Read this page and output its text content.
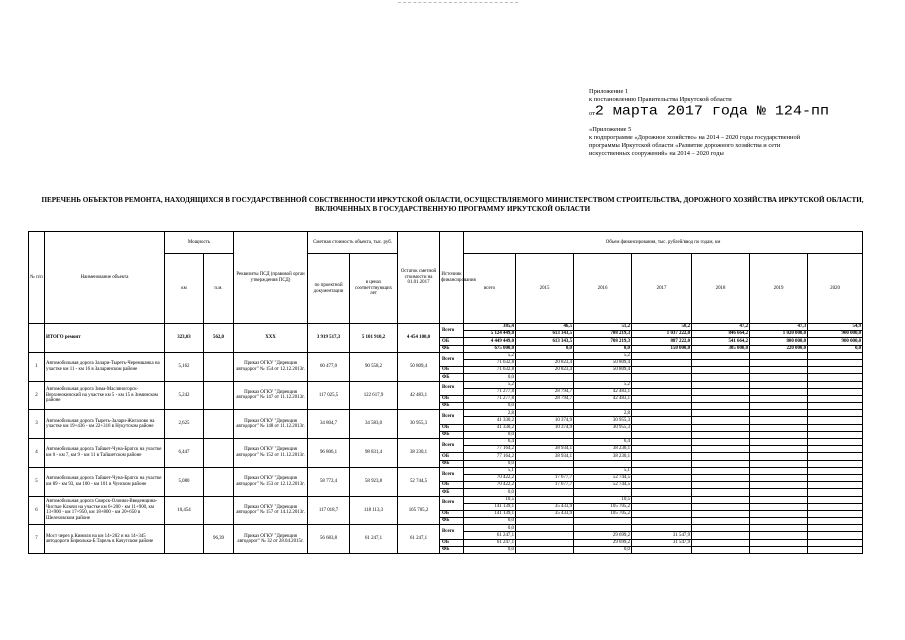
Приложение 1

к постановлению Правительства Иркутской области

от2 марта 2017 года № 124-пп

«Приложение 5

к подпрограмме «Дорожное хозяйство» на 2014 – 2020 годы государственной

программы Иркутской области «Развитие дорожного хозяйства и сети

искусственных сооружений» на 2014 – 2020 годы

ПЕРЕЧЕНЬ ОБЪЕКТОВ РЕМОНТА, НАХОДЯЩИХСЯ В ГОСУДАРСТВЕННОЙ СОБСТВЕННОСТИ ИРКУТСКОЙ ОБЛАСТИ, ОСУЩЕСТВЛЯЕМОГО МИНИСТЕРСТВОМ СТРОИТЕЛЬСТВА, ДОРОЖНОГО ХОЗЯЙСТВА ИРКУТСКОЙ ОБЛАСТИ, ВКЛЮЧЕННЫХ В ГОСУДАРСТВЕННУЮ ПРОГРАММУ ИРКУТСКОЙ ОБЛАСТИ
№ п/п	Наименование объекта	Мощность		Реквизиты ПСД (правовой орган утверждения ПСД)	Сметная стоимость объекта, тыс. руб.		Остаток сметной стоимости на 01.01.2017	Источник финансирования	Объем финансирования, тыс. рублей/ввод по годам, км						
		км	п.м.		по проектной документации	в ценах соответствующих лет			всего	2015	2016	2017	2018	2019	2020
	ИТОГО ремонт	323,03	562,0	ХХХ	3 919 517,3	5 101 910,2	4 454 100,0	Всего	385,4	46,5	51,2	58,2	47,2	47,3	54,9
									5 124 449,0	613 343,5	708 219,3	1 037 222,0	846 664,2	1 020 000,0	900 000,0
								ОБ	4 449 449,0	613 343,5	708 219,3	887 222,0	541 664,2	800 000,0	900 000,0
								ФБ	675 000,0	0,0	0,0	150 000,0	305 000,0	220 000,0	0,0
1	Автомобильная дорога Залари-Тыреть-Черемшанка на участке км 11 - км 16 в Заларинском районе	5,162		Приказ ОГКУ "Дирекция автодорог" № 154 от 12.12.2013г.	60 477,0	90 558,2	50 809,4	Всего	5,2		5,2				
									71 632,8	20 823,4	50 809,4				
								ОБ	71 632,8	20 823,4	50 809,4				
								ФБ	0,0						
2	Автомобильная дорога Зима-Масляногорск-Верхнеокинский на участке км 5 - км 15 в Зиминском районе	5,242		Приказ ОГКУ "Дирекция автодорог" № 147 от 11.12.2013г.	117 025,5	122 617,9	42 483,1	Всего	5,2		5,2				
									71 277,8	28 794,7	42 483,1				
								ОБ	71 277,8	28 794,7	42 483,1				
								ФБ	0,0						
3	Автомобильная дорога Тыреть-Залари-Жигалово на участке км 19+436 - км 22+316 в Нукутском районе	2,625		Приказ ОГКУ "Дирекция автодорог" № 148 от 11.12.2013г.	34 804,7	34 583,0	30 955,3	Всего	2,8		2,8				
									41 330,2	10 374,9	30 955,3				
								ОБ	41 330,2	10 374,9	30 955,3				
								ФБ	0,0						
4	Автомобильная дорога Тайшет-Чуна-Братск на участке км 0 - км 7, км 9 - км 11 в Тайшетском районе	6,447		Приказ ОГКУ "Дирекция автодорог" № 152 от 11.12.2013г.	96 806,1	98 831,4	38 230,1	Всего	6,4		6,4				
									77 164,2	38 934,1	38 230,1				
								ОБ	77 164,2	38 934,1	38 230,1				
								ФБ	0,0						
5	Автомобильная дорога Тайшет-Чуна-Братск на участке км 89 - км 93, км 100 - км 101 в Чунском районе	5,080		Приказ ОГКУ "Дирекция автодорог" № 153 от 12.12.2013г.	58 772,4	58 923,8	52 744,5	Всего	5,1		5,1				
									70 422,2	17 677,7	52 744,5				
								ОБ	70 422,2	17 677,7	52 744,5				
								ФБ	0,0						
6	Автомобильная дорога Свирск-Олонки-Введенщина-Чистые Ключи на участке км 6+200 - км 11+900, км 13+900 - км 17+950, км 18+800 - км 20+650 в Шелеховском районе	10,454		Приказ ОГКУ "Дирекция автодорог" № 157 от 14.12.2013г.	117 018,7	118 113,3	105 705,2	Всего	10,5		10,5				
									141 139,1	35 433,9	105 705,2				
								ОБ	141 139,1	35 433,9	105 705,2				
								ФБ	0,0						
7	Мост через р.Кимиля на км 14+202 и на 14+345 автодороги Бирюлька-Б.Тарель в Качугском районе		96,39	Приказ ОГКУ "Дирекция автодорог" № 32 от 28.04.2015г.	56 683,8	61 247,1	61 247,1	Всего	0,0						
									61 247,1		29 699,2	31 547,9			
								ОБ	61 247,1		29 699,2	31 547,9			
								ФБ	0,0		0,0				
